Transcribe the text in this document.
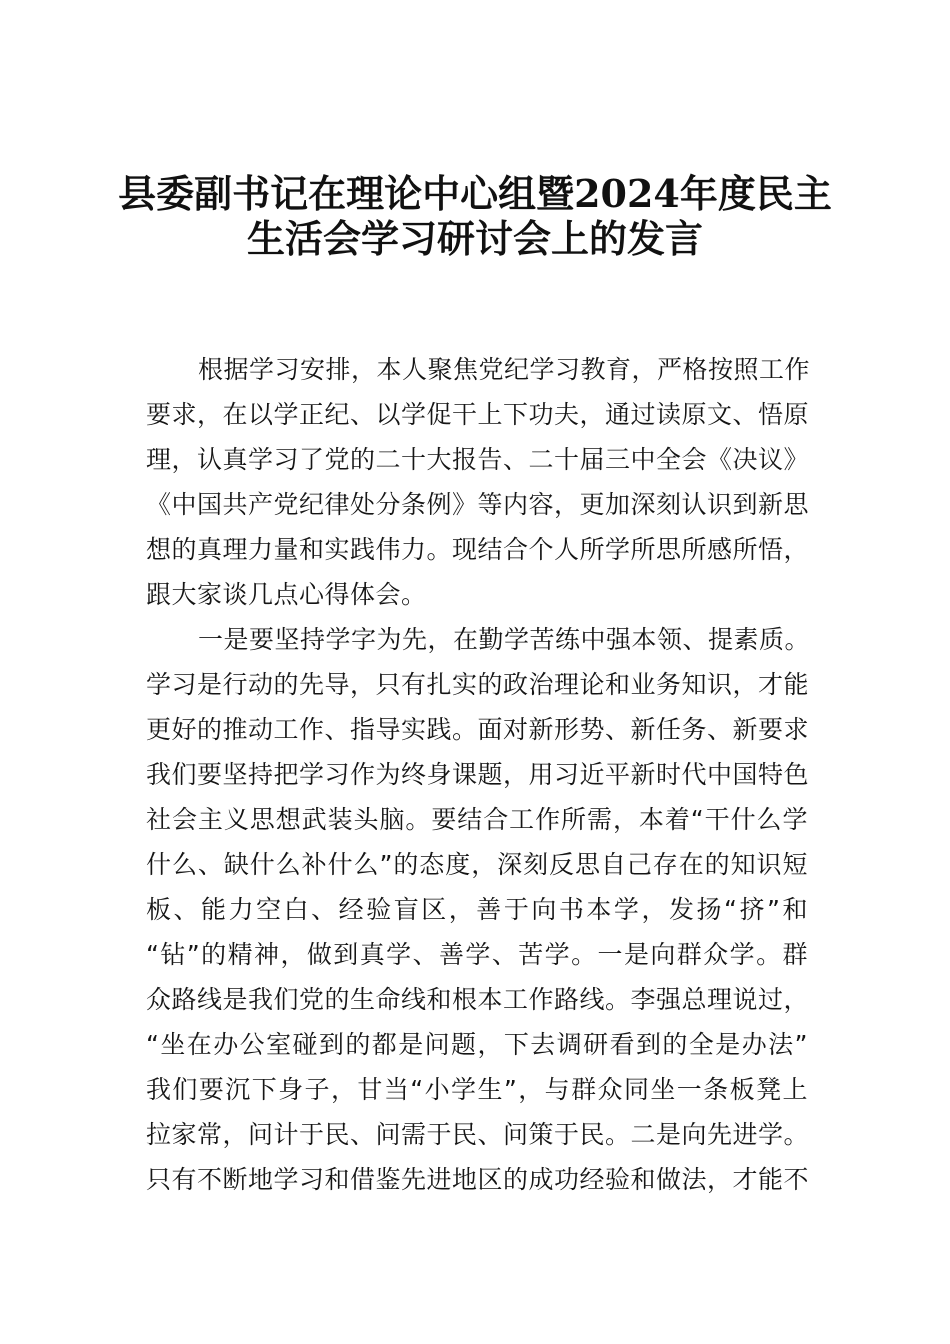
县委副书记在理论中心组暨2024年度民主
生活会学习研讨会上的发言
根据学习安排，本人聚焦党纪学习教育，严格按照工作
要求，在以学正纪、以学促干上下功夫，通过读原文、悟原
理，认真学习了党的二十大报告、二十届三中全会《决议》
《中国共产党纪律处分条例》等内容，更加深刻认识到新思
想的真理力量和实践伟力。现结合个人所学所思所感所悟，
跟大家谈几点心得体会。
一是要坚持学字为先，在勤学苦练中强本领、提素质。
学习是行动的先导，只有扎实的政治理论和业务知识，才能
更好的推动工作、指导实践。面对新形势、新任务、新要求
我们要坚持把学习作为终身课题，用习近平新时代中国特色
社会主义思想武装头脑。要结合工作所需，本着“干什么学
什么、缺什么补什么”的态度，深刻反思自己存在的知识短
板、能力空白、经验盲区，善于向书本学，发扬“挤”和
“钻”的精神，做到真学、善学、苦学。一是向群众学。群
众路线是我们党的生命线和根本工作路线。李强总理说过，
“坐在办公室碰到的都是问题，下去调研看到的全是办法”
我们要沉下身子，甘当“小学生”，与群众同坐一条板凳上
拉家常，问计于民、问需于民、问策于民。二是向先进学。
只有不断地学习和借鉴先进地区的成功经验和做法，才能不
